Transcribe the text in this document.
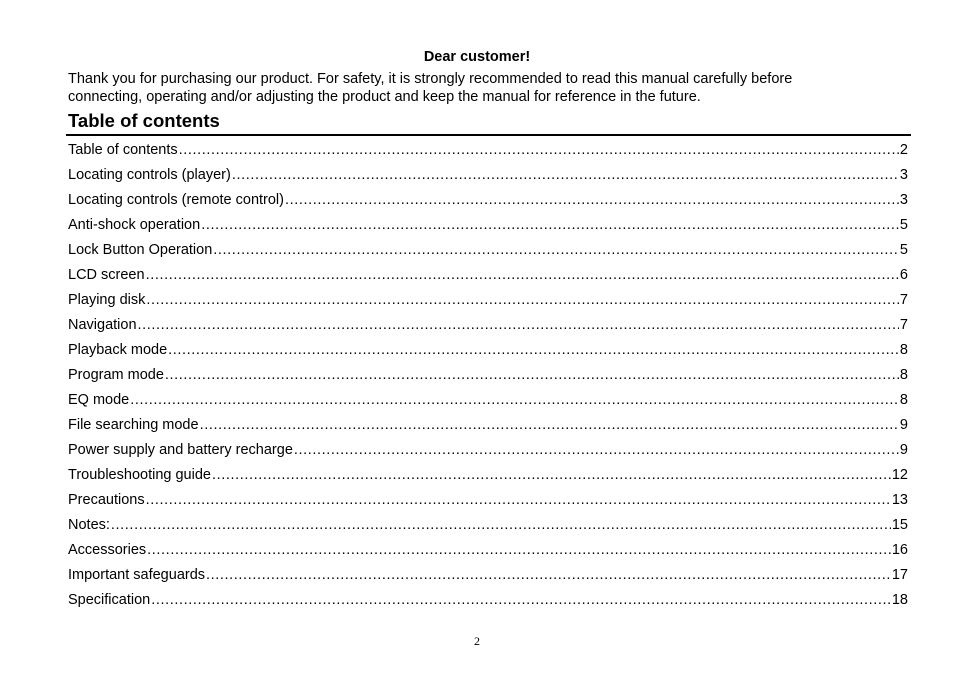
Dear customer!

Thank you for purchasing our product. For safety, it is strongly recommended to read this manual carefully before

connecting, operating and/or adjusting the product and keep the manual for reference in the future.

Table of contents
Table of contents .....	2
Locating controls (player) .....	3
Locating controls (remote control) .....	3
Anti-shock operation .....	5
Lock Button Operation .....	5
LCD screen .....	6
Playing disk .....	7
Navigation .....	7
Playback mode .....	8
Program mode .....	8
EQ mode .....	8
File searching mode .....	9
Power supply and battery recharge .....	9
Troubleshooting guide .....	12
Precautions .....	13
Notes: .....	15
Accessories .....	16
Important safeguards .....	17
Specification .....	18
2
